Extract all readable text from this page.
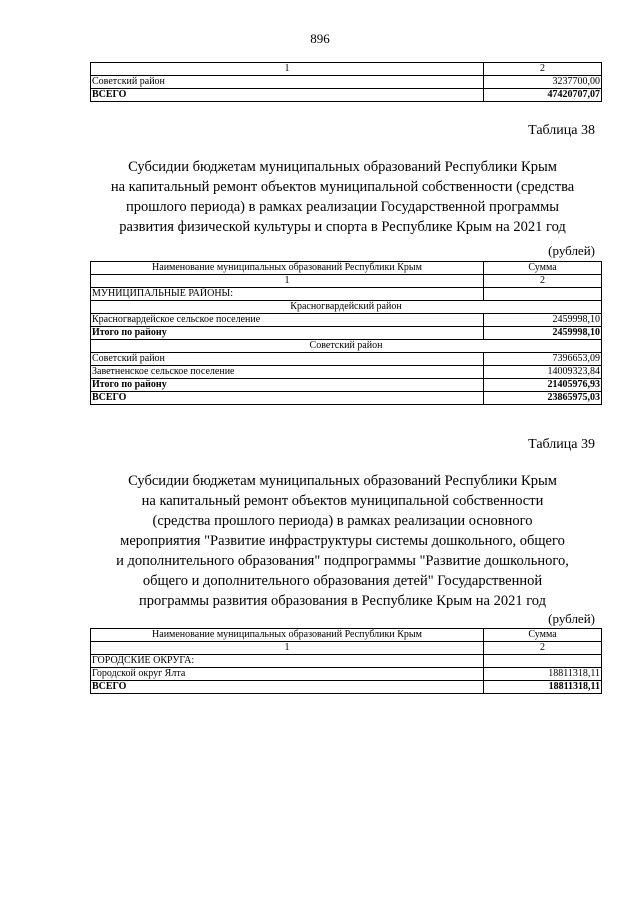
896
1	2
Советский район	3237700,00
ВСЕГО	47420707,07
Таблица 38
Субсидии бюджетам муниципальных образований Республики Крым
на капитальный ремонт объектов муниципальной собственности (средства
прошлого периода) в рамках реализации Государственной программы
развития физической культуры и спорта в Республике Крым на 2021 год
(рублей)
Наименование муниципальных образований Республики Крым	Сумма
1	2
МУНИЦИПАЛЬНЫЕ РАЙОНЫ:	
Красногвардейский район	
Красногвардейское сельское поселение	2459998,10
Итого по району	2459998,10
Советский район	
Советский район	7396653,09
Заветненское сельское поселение	14009323,84
Итого по району	21405976,93
ВСЕГО	23865975,03
Таблица 39
Субсидии бюджетам муниципальных образований Республики Крым
на капитальный ремонт объектов муниципальной собственности
(средства прошлого периода) в рамках реализации основного
мероприятия "Развитие инфраструктуры системы дошкольного, общего
и дополнительного образования" подпрограммы "Развитие дошкольного,
общего и дополнительного образования детей" Государственной
программы развития образования в Республике Крым на 2021 год
(рублей)
Наименование муниципальных образований Республики Крым	Сумма
1	2
ГОРОДСКИЕ ОКРУГА:	
Городской округ Ялта	18811318,11
ВСЕГО	18811318,11
